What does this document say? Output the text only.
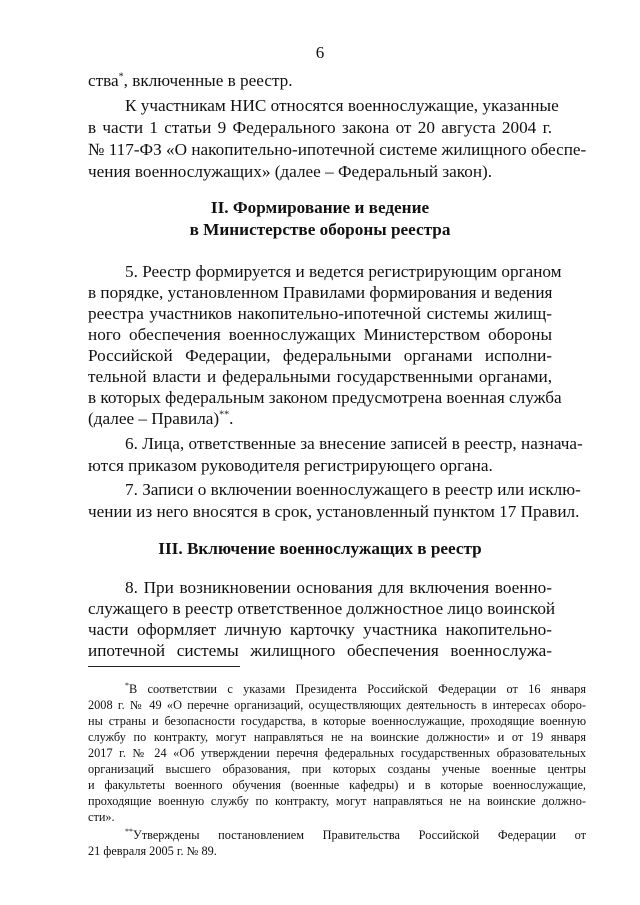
6
ства*, включенные в реестр.
К участникам НИС относятся военнослужащие, указанные
в части 1 статьи 9 Федерального закона от 20 августа 2004 г.
№ 117-ФЗ «О накопительно-ипотечной системе жилищного обеспе-
чения военнослужащих» (далее – Федеральный закон).
II. Формирование и ведение
в Министерстве обороны реестра
5. Реестр формируется и ведется регистрирующим органом
в порядке, установленном Правилами формирования и ведения
реестра участников накопительно-ипотечной системы жилищ-
ного обеспечения военнослужащих Министерством обороны
Российской Федерации, федеральными органами исполни-
тельной власти и федеральными государственными органами,
в которых федеральным законом предусмотрена военная служба
(далее – Правила)**.
6. Лица, ответственные за внесение записей в реестр, назнача-
ются приказом руководителя регистрирующего органа.
7. Записи о включении военнослужащего в реестр или исклю-
чении из него вносятся в срок, установленный пунктом 17 Правил.
III. Включение военнослужащих в реестр
8. При возникновении основания для включения военно-
служащего в реестр ответственное должностное лицо воинской
части оформляет личную карточку участника накопительно-
ипотечной системы жилищного обеспечения военнослужа-
*В соответствии с указами Президента Российской Федерации от 16 января
2008 г. № 49 «О перечне организаций, осуществляющих деятельность в интересах оборо-
ны страны и безопасности государства, в которые военнослужащие, проходящие военную
службу по контракту, могут направляться не на воинские должности» и от 19 января
2017 г. № 24 «Об утверждении перечня федеральных государственных образовательных
организаций высшего образования, при которых созданы ученые военные центры
и факультеты военного обучения (военные кафедры) и в которые военнослужащие,
проходящие военную службу по контракту, могут направляться не на воинские должно-
сти».
**Утверждены постановлением Правительства Российской Федерации от
21 февраля 2005 г. № 89.
